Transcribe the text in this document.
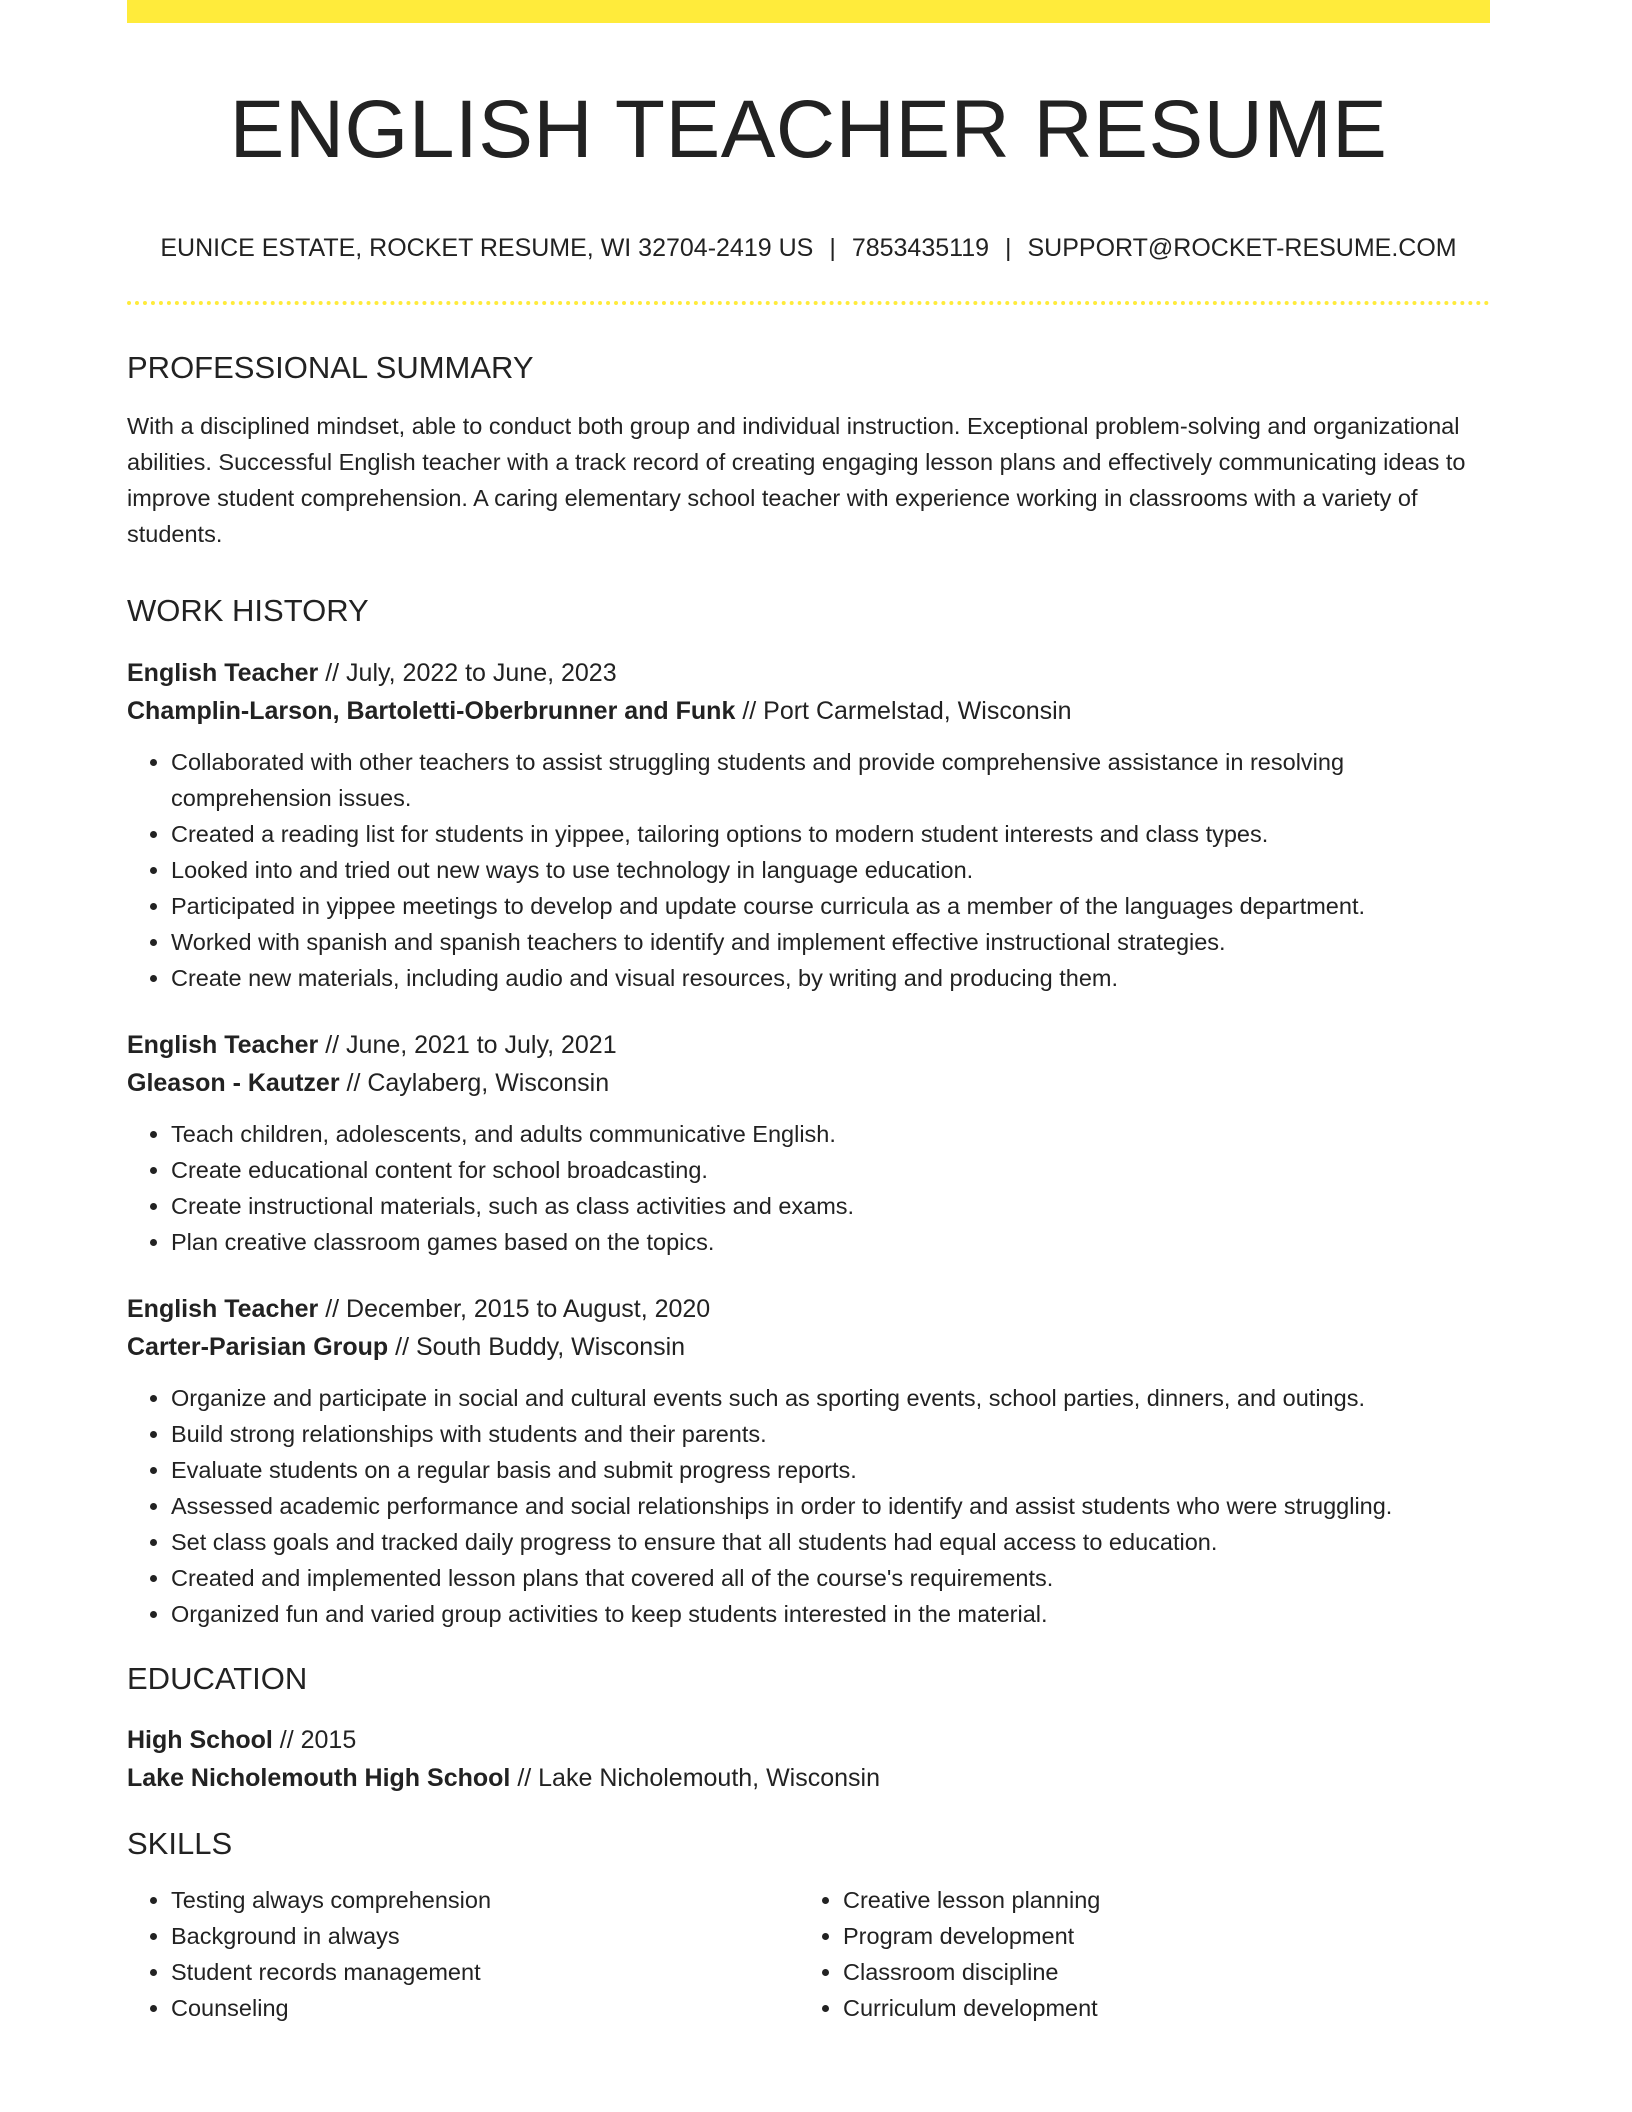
ENGLISH TEACHER RESUME
EUNICE ESTATE, ROCKET RESUME, WI 32704-2419 US | 7853435119 | SUPPORT@ROCKET-RESUME.COM
PROFESSIONAL SUMMARY

With a disciplined mindset, able to conduct both group and individual instruction. Exceptional problem-solving and organizational abilities. Successful English teacher with a track record of creating engaging lesson plans and effectively communicating ideas to improve student comprehension. A caring elementary school teacher with experience working in classrooms with a variety of students.

WORK HISTORY
English Teacher // July, 2022 to June, 2023
Champlin-Larson, Bartoletti-Oberbrunner and Funk // Port Carmelstad, Wisconsin
• Collaborated with other teachers to assist struggling students and provide comprehensive assistance in resolving comprehension issues.
• Created a reading list for students in yippee, tailoring options to modern student interests and class types.
• Looked into and tried out new ways to use technology in language education.
• Participated in yippee meetings to develop and update course curricula as a member of the languages department.
• Worked with spanish and spanish teachers to identify and implement effective instructional strategies.
• Create new materials, including audio and visual resources, by writing and producing them.
English Teacher // June, 2021 to July, 2021
Gleason - Kautzer // Caylaberg, Wisconsin
• Teach children, adolescents, and adults communicative English.
• Create educational content for school broadcasting.
• Create instructional materials, such as class activities and exams.
• Plan creative classroom games based on the topics.
English Teacher // December, 2015 to August, 2020
Carter-Parisian Group // South Buddy, Wisconsin
• Organize and participate in social and cultural events such as sporting events, school parties, dinners, and outings.
• Build strong relationships with students and their parents.
• Evaluate students on a regular basis and submit progress reports.
• Assessed academic performance and social relationships in order to identify and assist students who were struggling.
• Set class goals and tracked daily progress to ensure that all students had equal access to education.
• Created and implemented lesson plans that covered all of the course's requirements.
• Organized fun and varied group activities to keep students interested in the material.
EDUCATION
High School // 2015
Lake Nicholemouth High School // Lake Nicholemouth, Wisconsin
SKILLS
• Testing always comprehension
• Background in always
• Student records management
• Counseling
• Creative lesson planning
• Program development
• Classroom discipline
• Curriculum development
